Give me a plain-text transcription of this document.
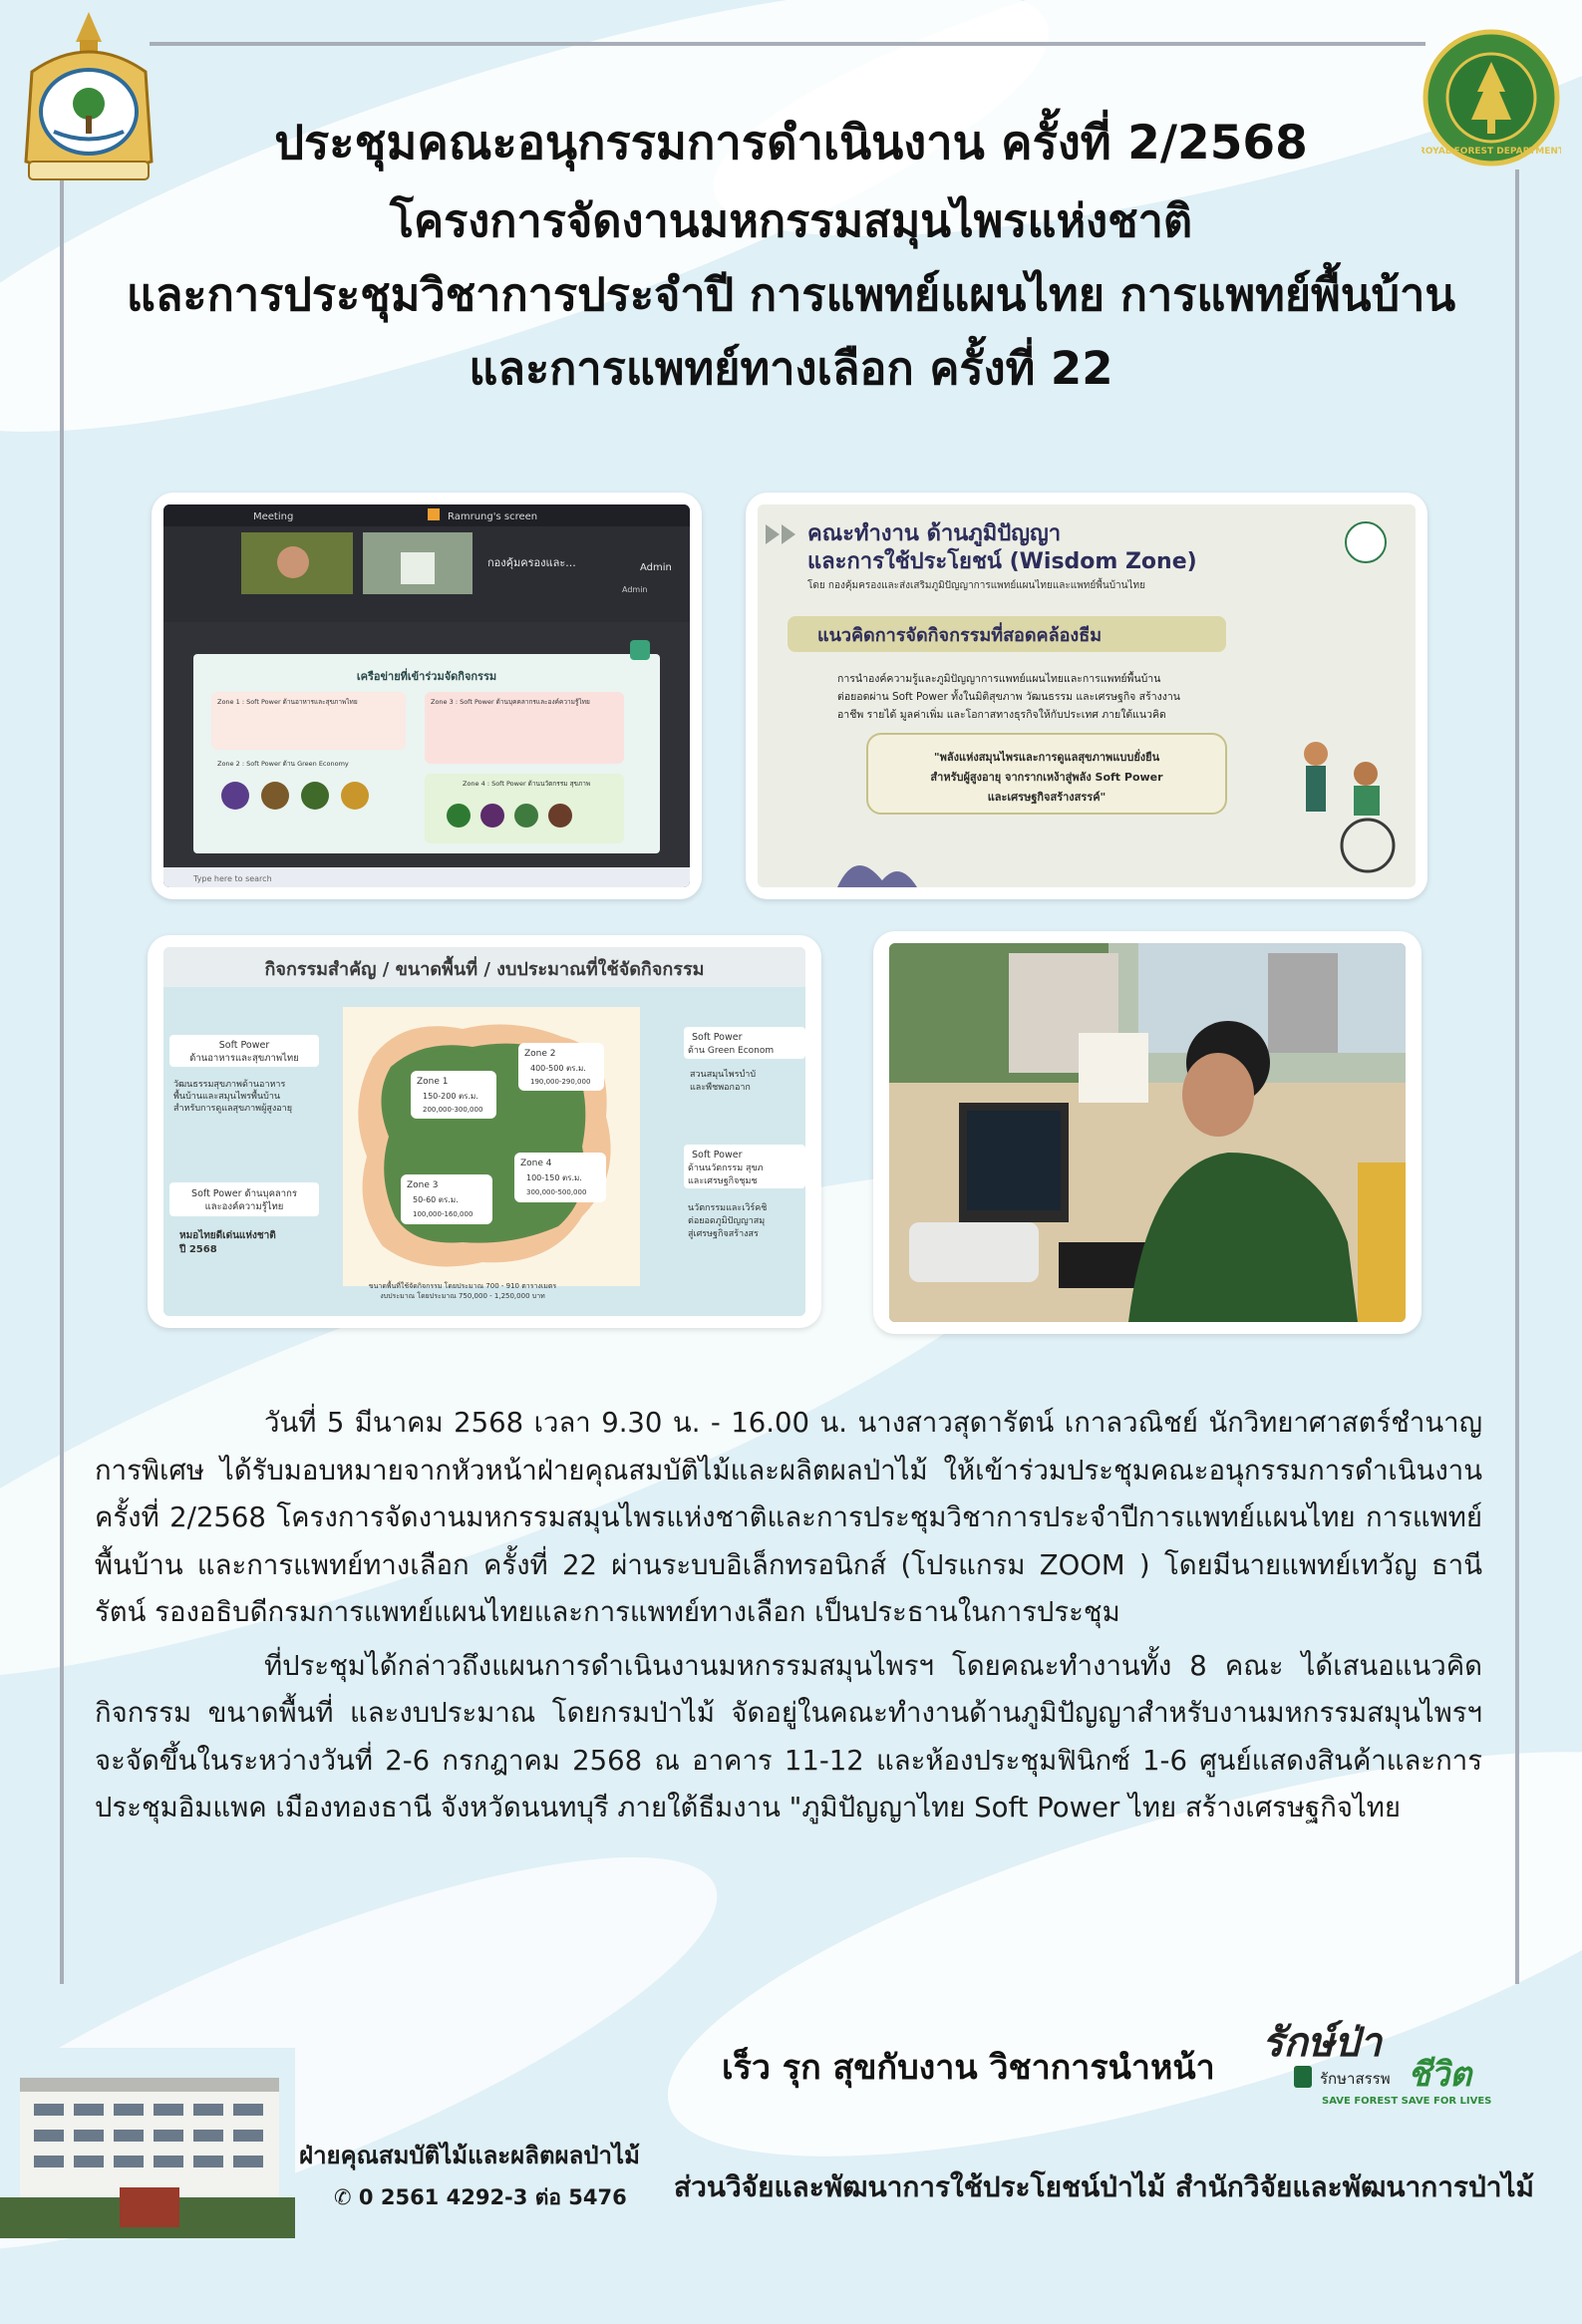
ROYAL FOREST DEPARTMENT
ประชุมคณะอนุกรรมการดำเนินงาน ครั้งที่ 2/2568
โครงการจัดงานมหกรรมสมุนไพรแห่งชาติ
และการประชุมวิชาการประจำปี การแพทย์แผนไทย การแพทย์พื้นบ้าน
และการแพทย์ทางเลือก ครั้งที่ 22
Meeting	Ramrung's screen
กองคุ้มครองและ...	Admin
Admin
เครือข่ายที่เข้าร่วมจัดกิจกรรม
Zone 1 : Soft Power ด้านอาหารและสุขภาพไทย	Zone 3 : Soft Power ด้านบุคคลากรและองค์ความรู้ไทย
Zone 2 : Soft Power ด้าน Green Economy
Zone 4 : Soft Power ด้านนวัตกรรม สุขภาพ
Type here to search
คณะทำงาน ด้านภูมิปัญญา
และการใช้ประโยชน์ (Wisdom Zone)
โดย กองคุ้มครองและส่งเสริมภูมิปัญญาการแพทย์แผนไทยและแพทย์พื้นบ้านไทย
แนวคิดการจัดกิจกรรมที่สอดคล้องธีม
การนำองค์ความรู้และภูมิปัญญาการแพทย์แผนไทยและการแพทย์พื้นบ้าน
ต่อยอดผ่าน Soft Power ทั้งในมิติสุขภาพ วัฒนธรรม และเศรษฐกิจ สร้างงาน
อาชีพ รายได้ มูลค่าเพิ่ม และโอกาสทางธุรกิจให้กับประเทศ ภายใต้แนวคิด
"พลังแห่งสมุนไพรและการดูแลสุขภาพแบบยั่งยืน
สำหรับผู้สูงอายุ จากรากเหง้าสู่พลัง Soft Power
และเศรษฐกิจสร้างสรรค์"
กิจกรรมสำคัญ / ขนาดพื้นที่ / งบประมาณที่ใช้จัดกิจกรรม
Soft Power
ด้านอาหารและสุขภาพไทย
วัฒนธรรมสุขภาพด้านอาหาร
พื้นบ้านและสมุนไพรพื้นบ้าน
สำหรับการดูแลสุขภาพผู้สูงอายุ
Soft Power ด้านบุคลากร
และองค์ความรู้ไทย
หมอไทยดีเด่นแห่งชาติ
ปี 2568
Zone 1
150-200 ตร.ม.
200,000-300,000
Zone 2
400-500 ตร.ม.
190,000-290,000
Zone 3
50-60 ตร.ม.
100,000-160,000
Zone 4
100-150 ตร.ม.
300,000-500,000
ขนาดพื้นที่ใช้จัดกิจกรรม โดยประมาณ 700 - 910 ตารางเมตร
งบประมาณ โดยประมาณ 750,000 - 1,250,000 บาท
Soft Power
ด้าน Green Econom
สวนสมุนไพรบำบั
และพืชพอกอาก
Soft Power
ด้านนวัตกรรม สุขภ
และเศรษฐกิจชุมช
นวัตกรรมและเวิร์คชิ
ต่อยอดภูมิปัญญาสมุ
สู่เศรษฐกิจสร้างสร

วันที่ 5 มีนาคม 2568 เวลา 9.30 น. - 16.00 น. นางสาวสุดารัตน์ เกาลวณิชย์ นักวิทยาศาสตร์ชำนาญการพิเศษ ได้รับมอบหมายจากหัวหน้าฝ่ายคุณสมบัติไม้และผลิตผลป่าไม้ ให้เข้าร่วมประชุมคณะอนุกรรมการดำเนินงาน ครั้งที่ 2/2568 โครงการจัดงานมหกรรมสมุนไพรแห่งชาติและการประชุมวิชาการประจำปีการแพทย์แผนไทย การแพทย์พื้นบ้าน และการแพทย์ทางเลือก ครั้งที่ 22 ผ่านระบบอิเล็กทรอนิกส์ (โปรแกรม ZOOM ) โดยมีนายแพทย์เทวัญ ธานีรัตน์ รองอธิบดีกรมการแพทย์แผนไทยและการแพทย์ทางเลือก เป็นประธานในการประชุม

ที่ประชุมได้กล่าวถึงแผนการดำเนินงานมหกรรมสมุนไพรฯ โดยคณะทำงานทั้ง 8 คณะ ได้เสนอแนวคิด กิจกรรม ขนาดพื้นที่ และงบประมาณ โดยกรมป่าไม้ จัดอยู่ในคณะทำงานด้านภูมิปัญญาสำหรับงานมหกรรมสมุนไพรฯ จะจัดขึ้นในระหว่างวันที่ 2-6 กรกฎาคม 2568 ณ อาคาร 11-12 และห้องประชุมฟินิกซ์ 1-6 ศูนย์แสดงสินค้าและการประชุมอิมแพค เมืองทองธานี จังหวัดนนทบุรี ภายใต้ธีมงาน "ภูมิปัญญาไทย Soft Power ไทย สร้างเศรษฐกิจไทย

เร็ว รุก สุขกับงาน วิชาการนำหน้า
รักษ์ป่า
ชีวิต
รักษาสรรพ
SAVE FOREST SAVE FOR LIVES
ฝ่ายคุณสมบัติไม้และผลิตผลป่าไม้
✆ 0 2561 4292-3 ต่อ 5476 ส่วนวิจัยและพัฒนาการใช้ประโยชน์ป่าไม้ สำนักวิจัยและพัฒนาการป่าไม้
